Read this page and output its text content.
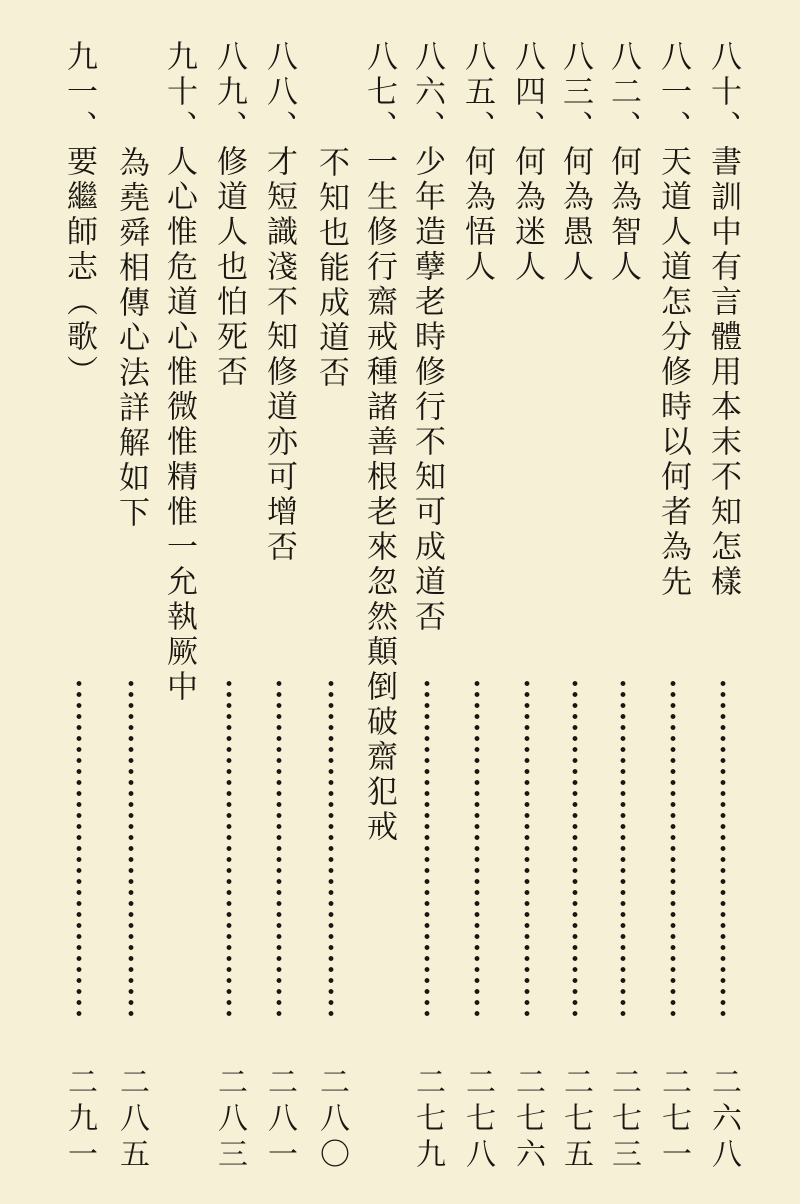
八十、書訓中有言體用本末不知怎樣
二六八
八一、天道人道怎分修時以何者為先
二七一
八二、何為智人
二七三
八三、何為愚人
二七五
八四、何為迷人
二七六
八五、何為悟人
二七八
八六、少年造孽老時修行不知可成道否
二七九
八七、一生修行齋戒種諸善根老來忽然顛倒破齋犯戒
不知也能成道否
二八〇
八八、才短識淺不知修道亦可增否
二八一
八九、修道人也怕死否
二八三
九十、人心惟危道心惟微惟精惟一允執厥中
為堯舜相傳心法詳解如下
二八五
九一、要繼師志（歌）
二九一
